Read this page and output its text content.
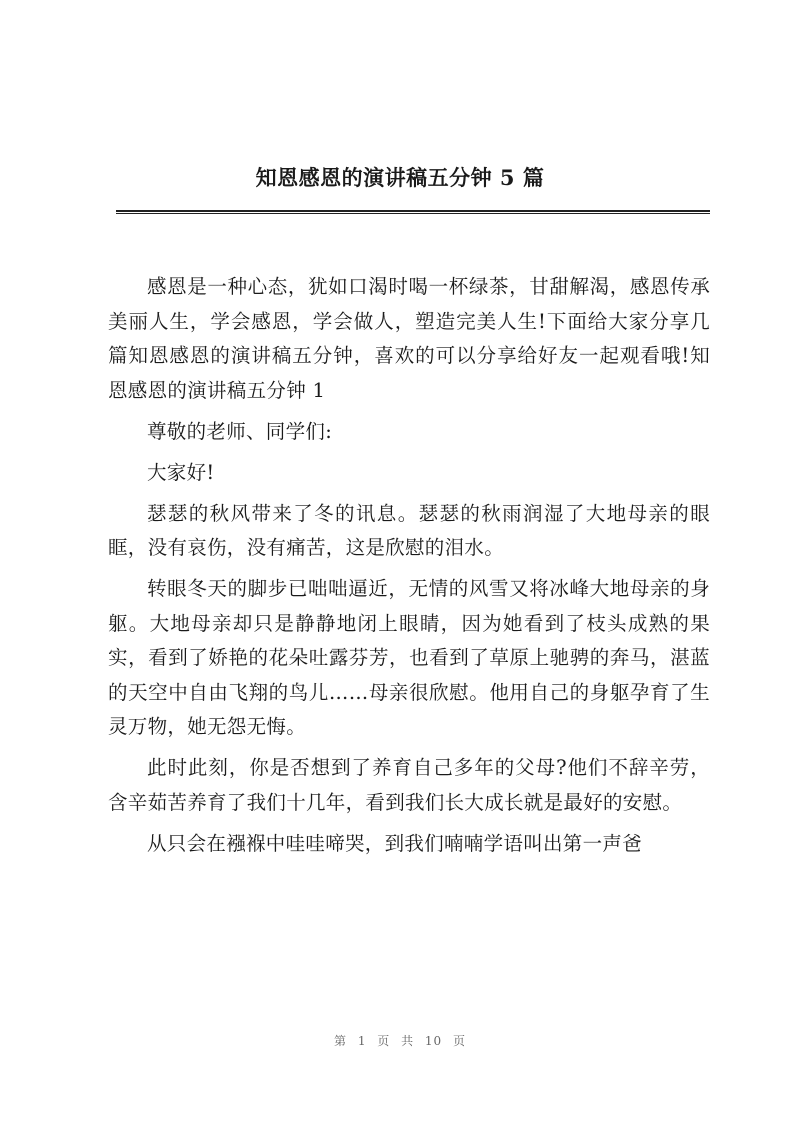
知恩感恩的演讲稿五分钟 5 篇

感恩是一种心态，犹如口渴时喝一杯绿茶，甘甜解渴，感恩传承美丽人生，学会感恩，学会做人，塑造完美人生!下面给大家分享几篇知恩感恩的演讲稿五分钟，喜欢的可以分享给好友一起观看哦!知恩感恩的演讲稿五分钟 1

尊敬的老师、同学们:

大家好!

瑟瑟的秋风带来了冬的讯息。瑟瑟的秋雨润湿了大地母亲的眼眶，没有哀伤，没有痛苦，这是欣慰的泪水。

转眼冬天的脚步已咄咄逼近，无情的风雪又将冰峰大地母亲的身躯。大地母亲却只是静静地闭上眼睛，因为她看到了枝头成熟的果实，看到了娇艳的花朵吐露芬芳，也看到了草原上驰骋的奔马，湛蓝的天空中自由飞翔的鸟儿……母亲很欣慰。他用自己的身躯孕育了生灵万物，她无怨无悔。

此时此刻，你是否想到了养育自己多年的父母?他们不辞辛劳，含辛茹苦养育了我们十几年，看到我们长大成长就是最好的安慰。

从只会在襁褓中哇哇啼哭，到我们喃喃学语叫出第一声爸

第 1 页 共 10 页
